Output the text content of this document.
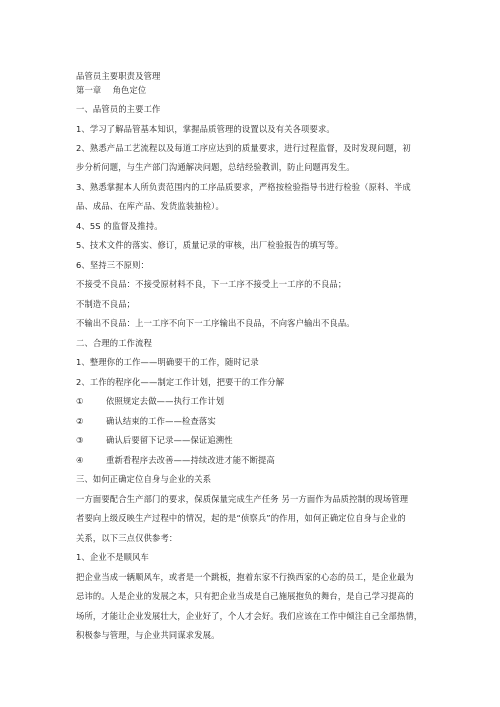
品管员主要职责及管理
第一章　 角色定位
一、品管员的主要工作
1、学习了解品管基本知识，掌握品质管理的设置以及有关各项要求。
2、熟悉产品工艺流程以及每道工序应达到的质量要求，进行过程监督，及时发现问题，初
步分析问题，与生产部门沟通解决问题，总结经验教训，防止问题再发生。
3、熟悉掌握本人所负责范围内的工序品质要求，严格按检验指导书进行检验（原料、半成
品、成品、在库产品、发货监装抽检）。
4、5S 的监督及推持。
5、技术文件的落实、修订，质量记录的审核，出厂检验报告的填写等。
6、坚持三不原则：
不接受不良品：不接受原材料不良，下一工序不接受上一工序的不良品；
不制造不良品；
不输出不良品：上一工序不向下一工序输出不良品，不向客户输出不良品。
二、合理的工作流程
1、整理你的工作——明确要干的工作，随时记录
2、工作的程序化——制定工作计划，把要干的工作分解
①	依照规定去做——执行工作计划
②	确认结束的工作——检查落实
③	确认后要留下记录——保证追溯性
④	重新看程序去改善——持续改进才能不断提高
三、如何正确定位自身与企业的关系
一方面要配合生产部门的要求，保质保量完成生产任务 另一方面作为品质控制的现场管理
者要向上级反映生产过程中的情况，起的是“侦察兵”的作用，如何正确定位自身与企业的
关系，以下三点仅供参考：
1、企业不是顺风车
把企业当成一辆顺风车，或者是一个跳板，抱着东家不行换西家的心态的员工，是企业最为
忌讳的。人是企业的发展之本，只有把企业当成是自己施展抱负的舞台，是自己学习提高的
场所，才能让企业发展壮大，企业好了，个人才会好。我们应该在工作中倾注自己全部热情，
积极参与管理，与企业共同谋求发展。
